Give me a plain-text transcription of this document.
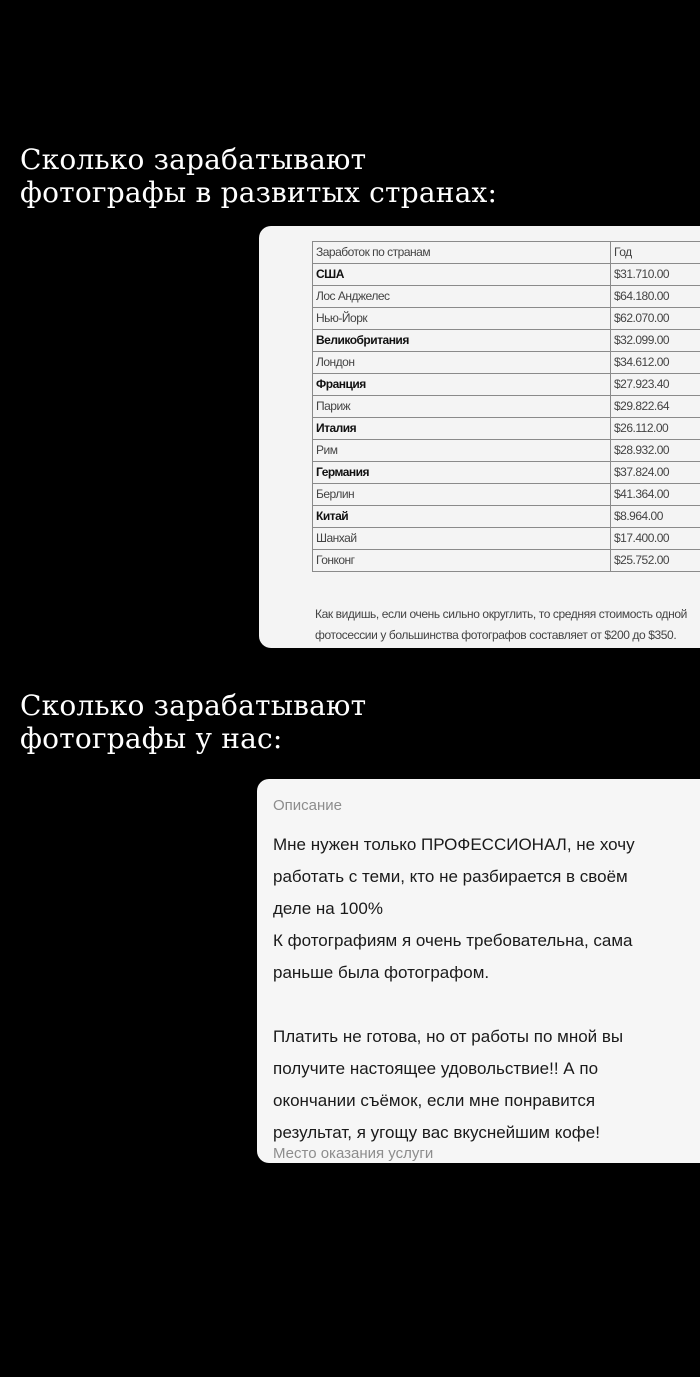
Сколько зарабатывают
фотографы в развитых странах:
Заработок по странам	Год
США	$31.710.00
Лос Анджелес	$64.180.00
Нью-Йорк	$62.070.00
Великобритания	$32.099.00
Лондон	$34.612.00
Франция	$27.923.40
Париж	$29.822.64
Италия	$26.112.00
Рим	$28.932.00
Германия	$37.824.00
Берлин	$41.364.00
Китай	$8.964.00
Шанхай	$17.400.00
Гонконг	$25.752.00

Как видишь, если очень сильно округлить, то средняя стоимость одной
фотосессии у большинства фотографов составляет от $200 до $350.

Сколько зарабатывают
фотографы у нас:
Описание
Мне нужен только ПРОФЕССИОНАЛ, не хочу
работать с теми, кто не разбирается в своём
деле на 100%
К фотографиям я очень требовательна, сама
раньше была фотографом.
Платить не готова, но от работы по мной вы
получите настоящее удовольствие!! А по
окончании съёмок, если мне понравится
результат, я угощу вас вкуснейшим кофе!
Место оказания услуги
